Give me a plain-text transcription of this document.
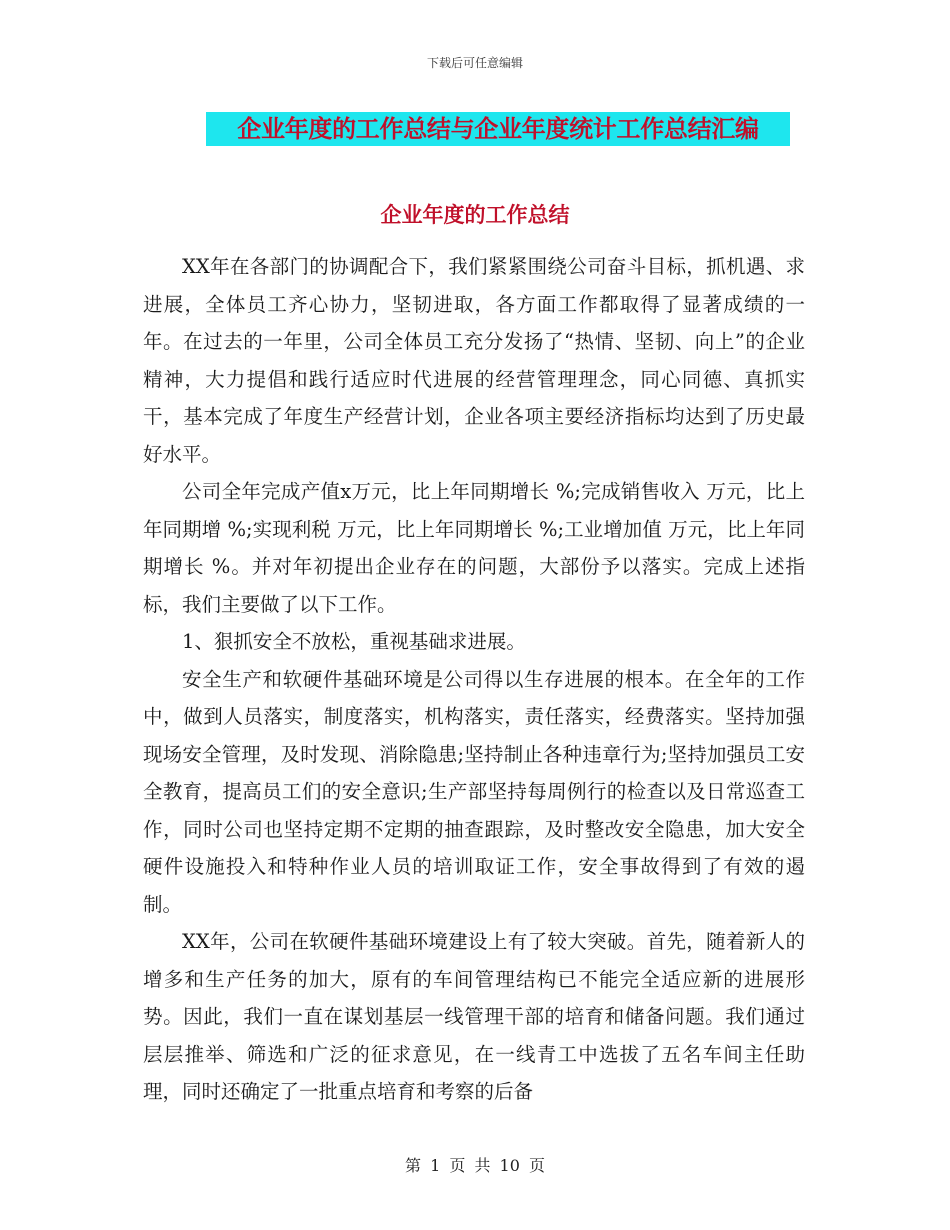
下载后可任意编辑
企业年度的工作总结与企业年度统计工作总结汇编
企业年度的工作总结

XX年在各部门的协调配合下，我们紧紧围绕公司奋斗目标，抓机遇、求进展，全体员工齐心协力，坚韧进取，各方面工作都取得了显著成绩的一年。在过去的一年里，公司全体员工充分发扬了“热情、坚韧、向上”的企业精神，大力提倡和践行适应时代进展的经营管理理念，同心同德、真抓实干，基本完成了年度生产经营计划，企业各项主要经济指标均达到了历史最好水平。

公司全年完成产值x万元，比上年同期增长 %;完成销售收入 万元，比上年同期增 %;实现利税 万元，比上年同期增长 %;工业增加值 万元，比上年同期增长 %。并对年初提出企业存在的问题，大部份予以落实。完成上述指标，我们主要做了以下工作。

1、狠抓安全不放松，重视基础求进展。

安全生产和软硬件基础环境是公司得以生存进展的根本。在全年的工作中，做到人员落实，制度落实，机构落实，责任落实，经费落实。坚持加强现场安全管理，及时发现、消除隐患;坚持制止各种违章行为;坚持加强员工安全教育，提高员工们的安全意识;生产部坚持每周例行的检查以及日常巡查工作，同时公司也坚持定期不定期的抽查跟踪，及时整改安全隐患，加大安全硬件设施投入和特种作业人员的培训取证工作，安全事故得到了有效的遏制。

XX年，公司在软硬件基础环境建设上有了较大突破。首先，随着新人的增多和生产任务的加大，原有的车间管理结构已不能完全适应新的进展形势。因此，我们一直在谋划基层一线管理干部的培育和储备问题。我们通过层层推举、筛选和广泛的征求意见，在一线青工中选拔了五名车间主任助理，同时还确定了一批重点培育和考察的后备

第 1 页 共 10 页
